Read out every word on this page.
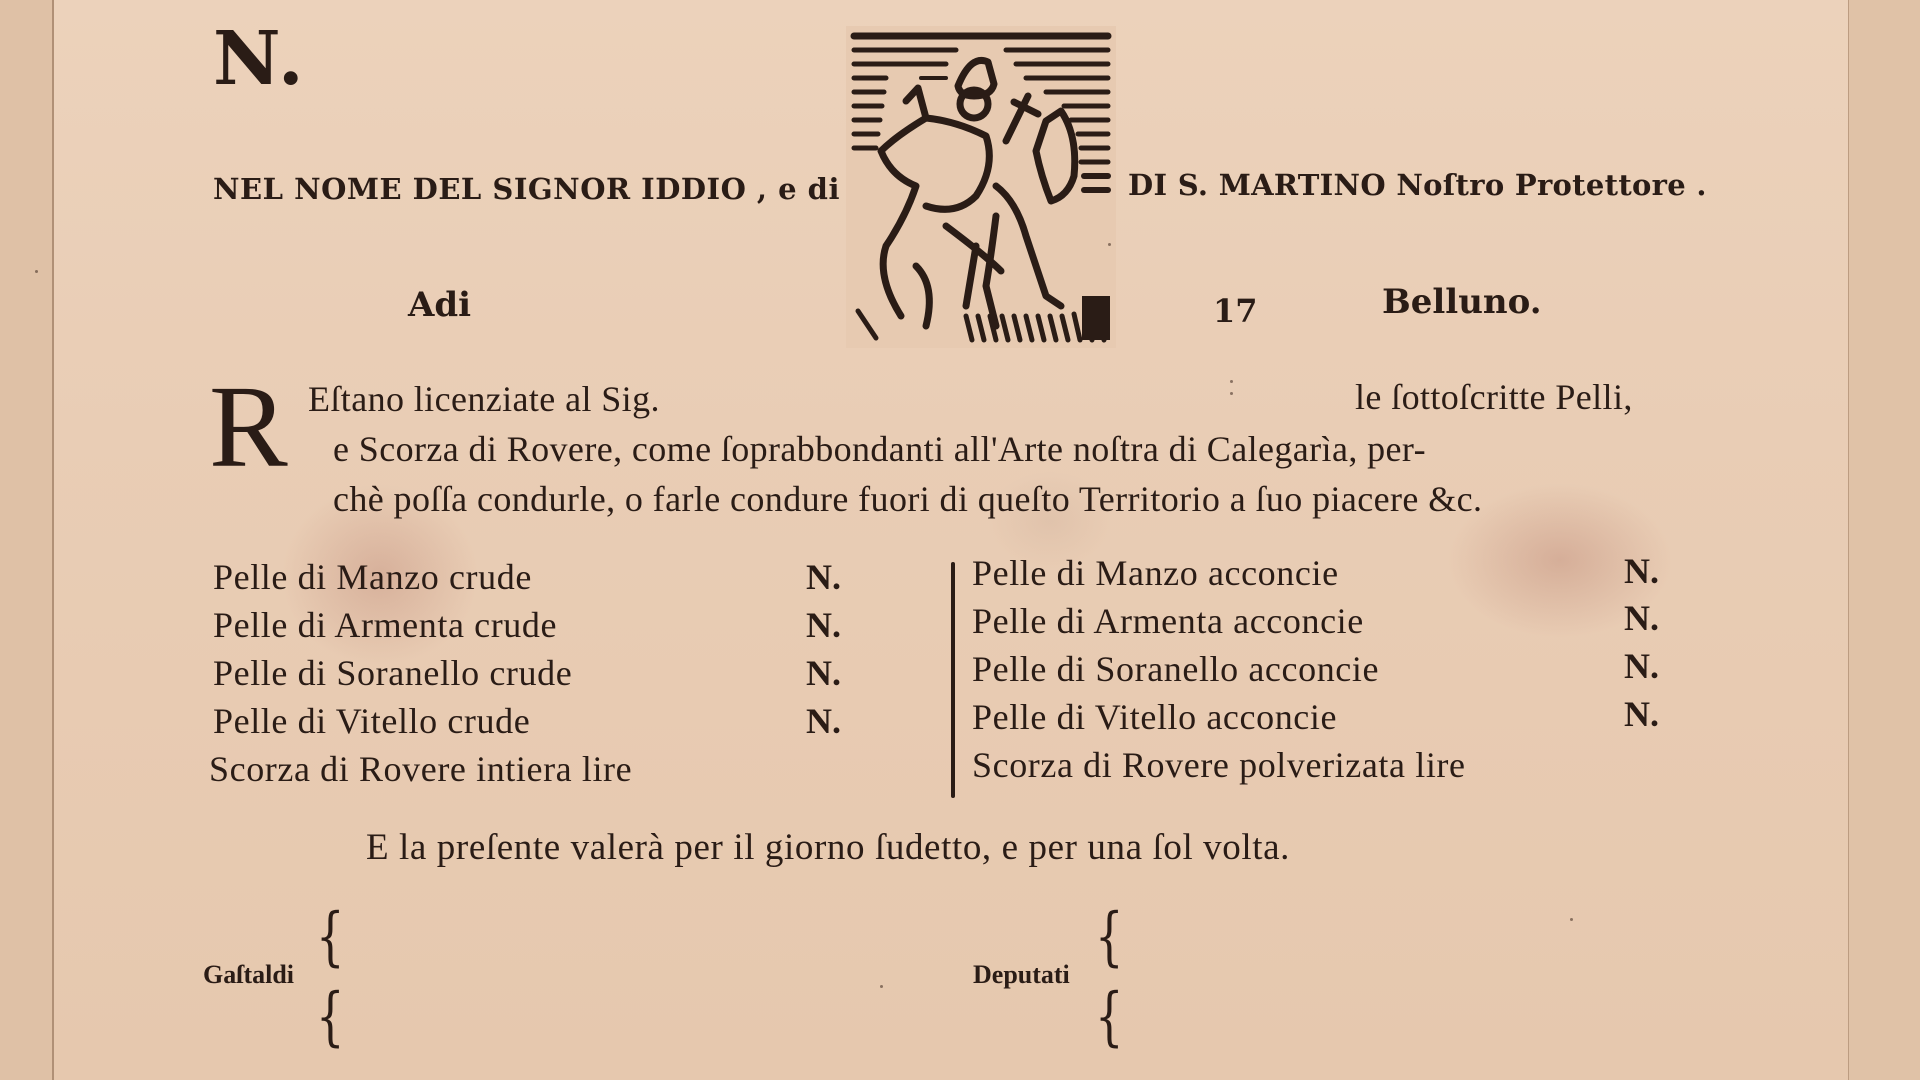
N.
NEL NOME DEL SIGNOR IDDIO , e di	DI S. MARTINO Noſtro Protettore .
Adi	17	Belluno.
R Eſtano licenziate al Sig.	le ſottoſcritte Pelli,
e Scorza di Rovere, come ſoprabbondanti all'Arte noſtra di Calegarìa, per-
chè poſſa condurle, o farle condure fuori di queſto Territorio a ſuo piacere &c.
Pelle di Manzo crude	N.
Pelle di Armenta crude	N.
Pelle di Soranello crude	N.
Pelle di Vitello crude	N.
Scorza di Rovere intiera lire
Pelle di Manzo acconcie	N.
Pelle di Armenta acconcie	N.
Pelle di Soranello acconcie	N.
Pelle di Vitello acconcie	N.
Scorza di Rovere polverizata lire
E la preſente valerà per il giorno ſudetto, e per una ſol volta.
Gaſtaldi
{
{
Deputati
{
{
